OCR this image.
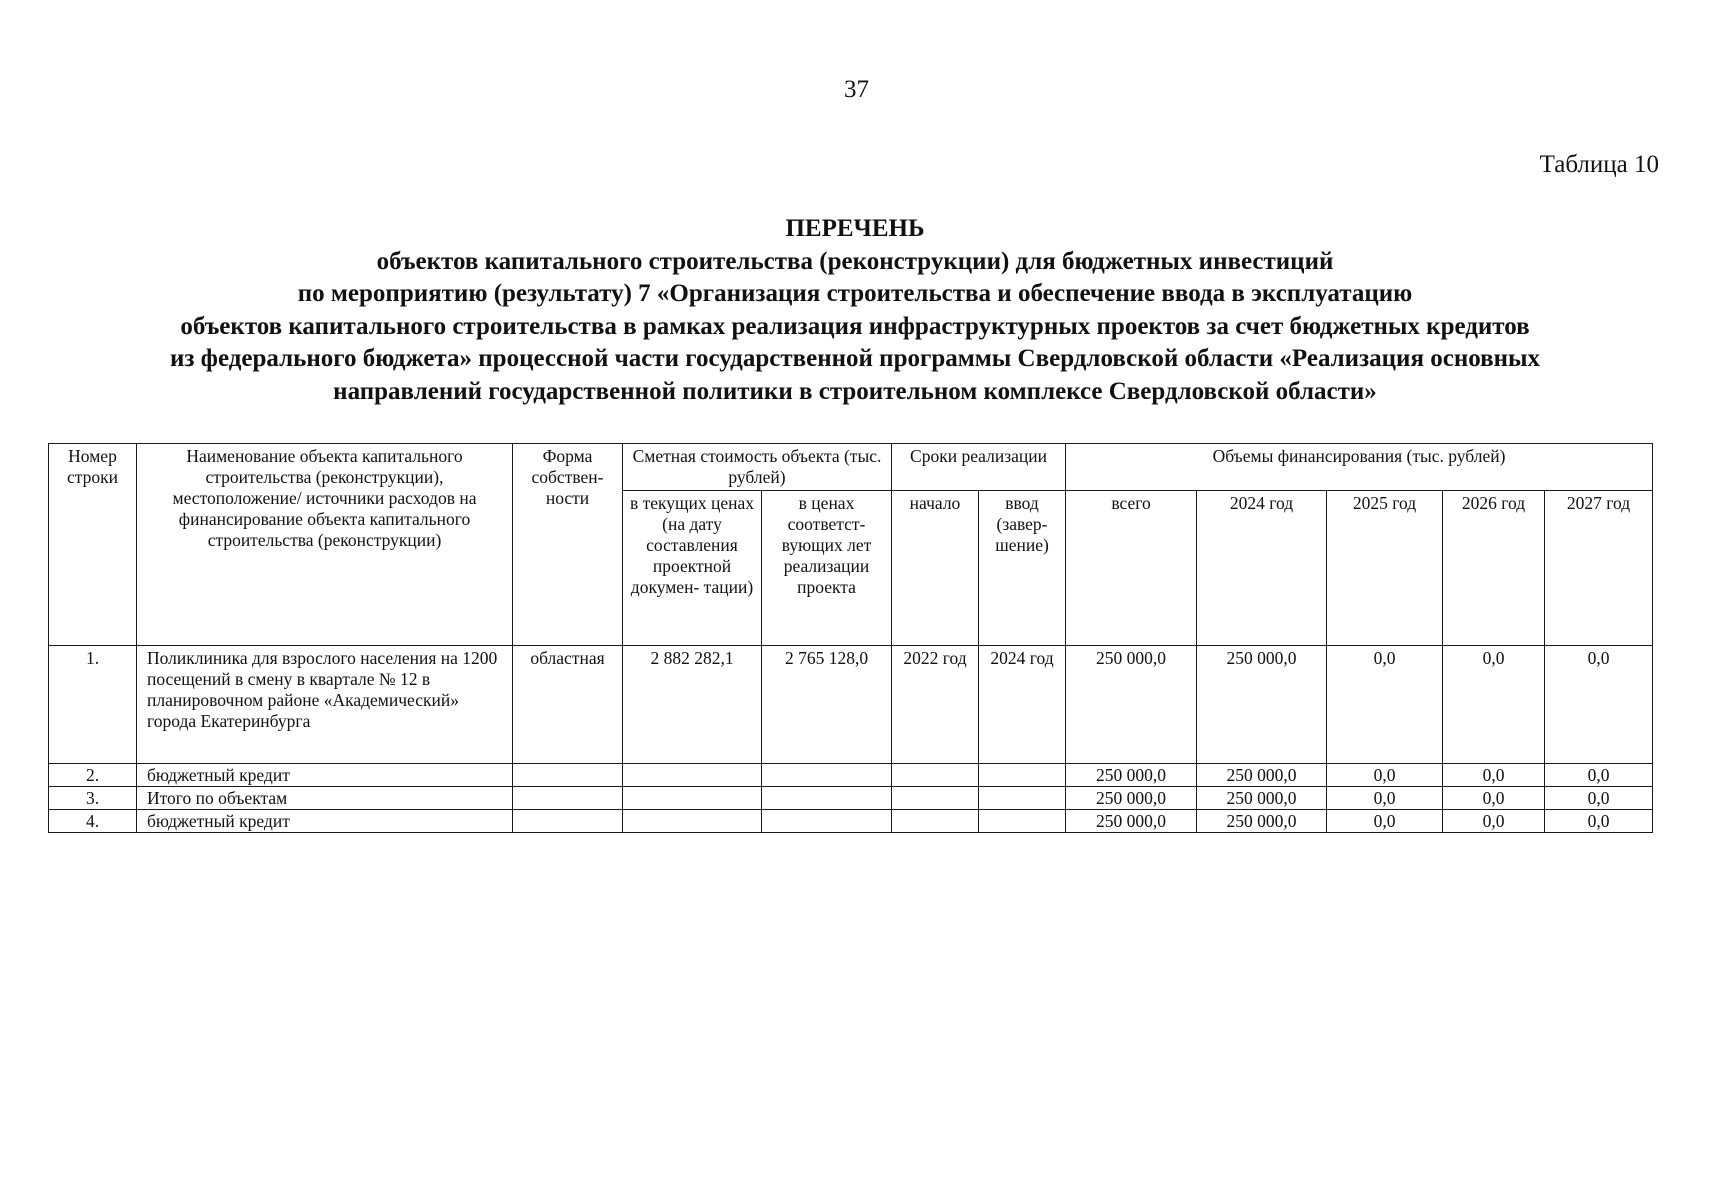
37
Таблица 10
ПЕРЕЧЕНЬ
объектов капитального строительства (реконструкции) для бюджетных инвестиций
по мероприятию (результату) 7 «Организация строительства и обеспечение ввода в эксплуатацию
объектов капитального строительства в рамках реализация инфраструктурных проектов за счет бюджетных кредитов
из федерального бюджета» процессной части государственной программы Свердловской области «Реализация основных
направлений государственной политики в строительном комплексе Свердловской области»
Номер строки	Наименование объекта капитального строительства (реконструкции), местоположение/ источники расходов на финансирование объекта капитального строительства (реконструкции)	Форма собствен- ности	Сметная стоимость объекта (тыс. рублей)		Сроки реализации		Объемы финансирования (тыс. рублей)				
			в текущих ценах (на дату составления проектной докумен- тации)	в ценах соответст- вующих лет реализации проекта	начало	ввод (завер- шение)	всего	2024 год	2025 год	2026 год	2027 год
1.	Поликлиника для взрослого населения на 1200 посещений в смену в квартале № 12 в планировочном районе «Академический» города Екатеринбурга	областная	2 882 282,1	2 765 128,0	2022 год	2024 год	250 000,0	250 000,0	0,0	0,0	0,0
2.	бюджетный кредит						250 000,0	250 000,0	0,0	0,0	0,0
3.	Итого по объектам						250 000,0	250 000,0	0,0	0,0	0,0
4.	бюджетный кредит						250 000,0	250 000,0	0,0	0,0	0,0
